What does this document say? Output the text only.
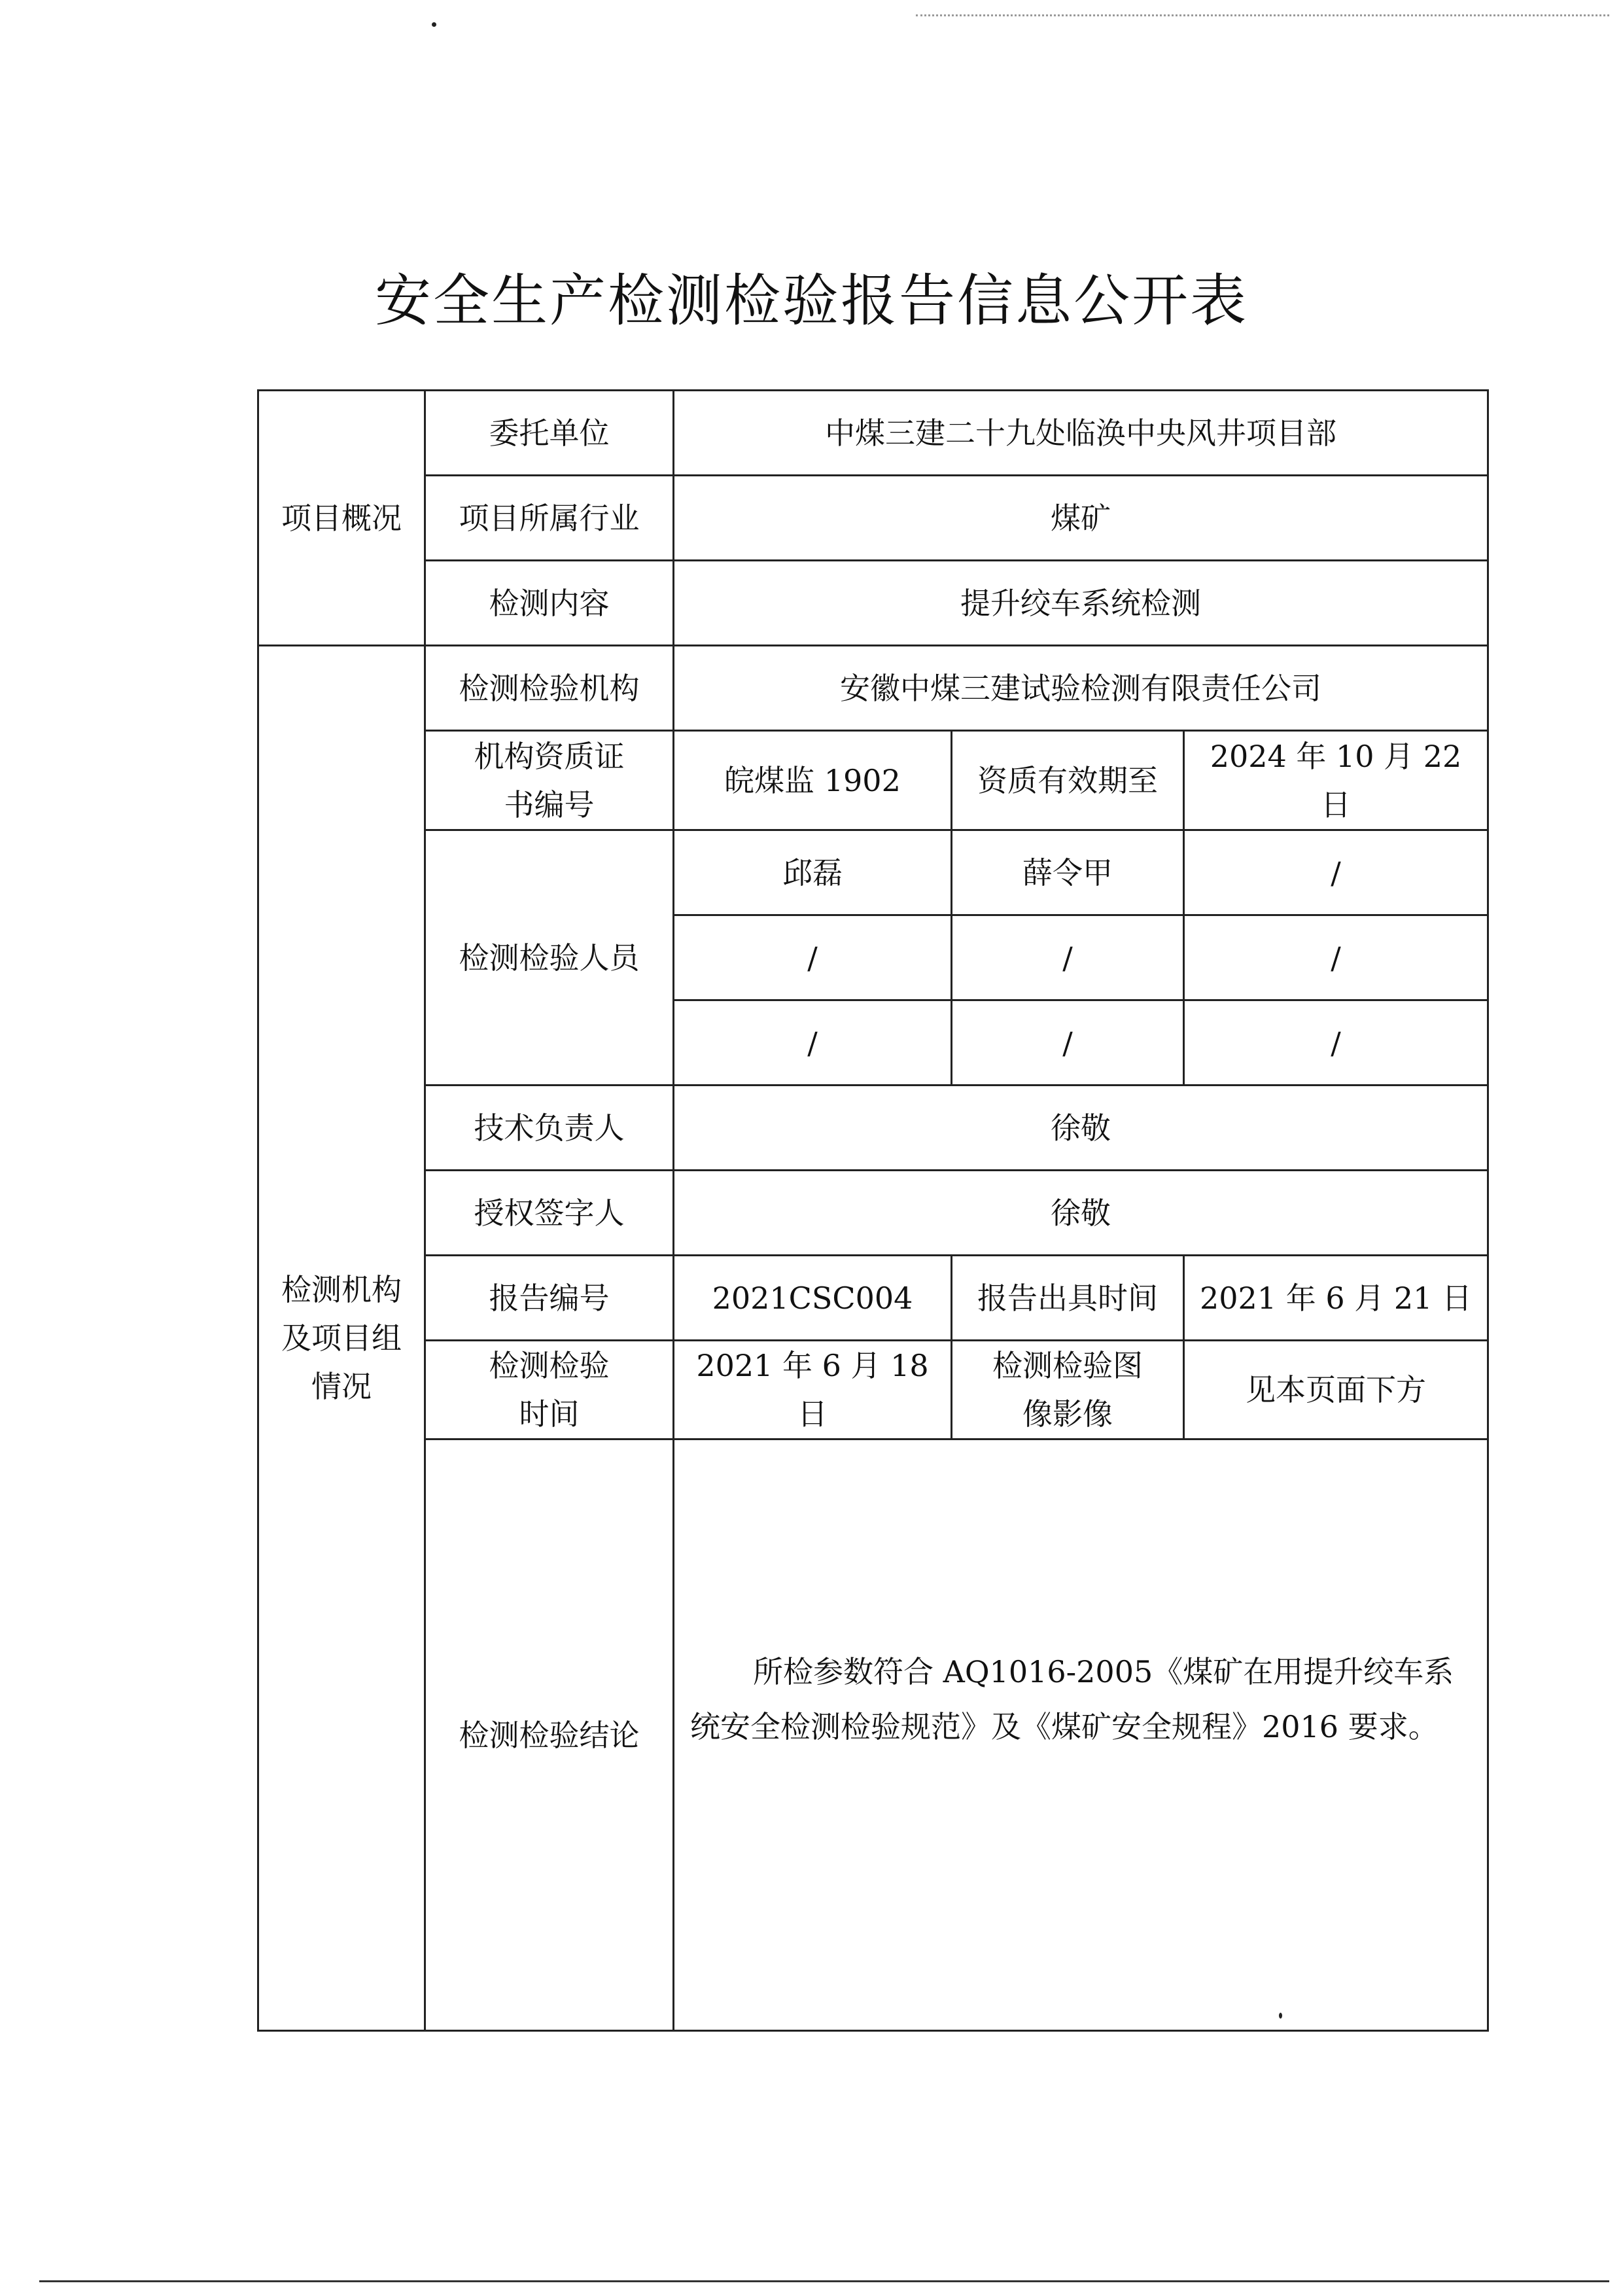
安全生产检测检验报告信息公开表
项目概况	委托单位	中煤三建二十九处临涣中央风井项目部		
	项目所属行业	煤矿		
	检测内容	提升绞车系统检测		
检测机构及项目组情况	检测检验机构	安徽中煤三建试验检测有限责任公司		
	机构资质证书编号	皖煤监 1902	资质有效期至	2024 年 10 月 22 日
	检测检验人员	邱磊	薛令甲	/
		/	/	/
		/	/	/
	技术负责人	徐敬		
	授权签字人	徐敬		
	报告编号	2021CSC004	报告出具时间	2021 年 6 月 21 日
	检测检验时间	2021 年 6 月 18 日	检测检验图像影像	见本页面下方
	检测检验结论	所检参数符合 AQ1016-2005《煤矿在用提升绞车系统安全检测检验规范》及《煤矿安全规程》2016 要求。		
